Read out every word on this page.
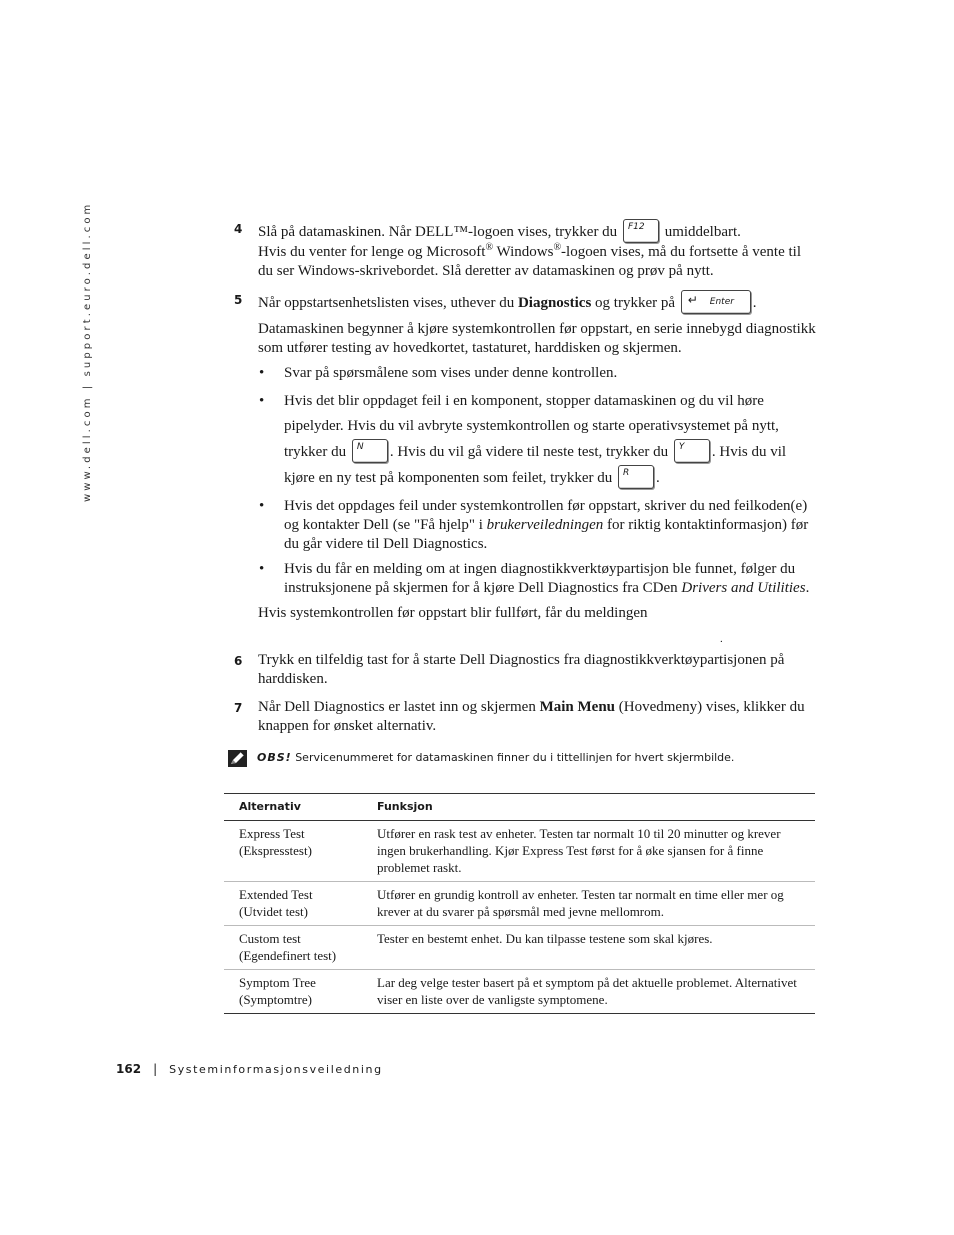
www.dell.com | support.euro.dell.com	4 Slå på datamaskinen. Når DELL™-logoen vises, trykker du F12 umiddelbart.
Hvis du venter for lenge og Microsoft® Windows®-logoen vises, må du fortsette å vente til du ser Windows-skrivebordet. Slå deretter av datamaskinen og prøv på nytt.
5 Når oppstartsenhetslisten vises, uthever du Diagnostics og trykker på ↵ Enter .
Datamaskinen begynner å kjøre systemkontrollen før oppstart, en serie innebygd diagnostikk som utfører testing av hovedkortet, tastaturet, harddisken og skjermen.
• Svar på spørsmålene som vises under denne kontrollen.
• Hvis det blir oppdaget feil i en komponent, stopper datamaskinen og du vil høre pipelyder. Hvis du vil avbryte systemkontrollen og starte operativsystemet på nytt, trykker du N . Hvis du vil gå videre til neste test, trykker du Y . Hvis du vil kjøre en ny test på komponenten som feilet, trykker du R .
• Hvis det oppdages feil under systemkontrollen før oppstart, skriver du ned feilkoden(e) og kontakter Dell (se "Få hjelp" i brukerveiledningen for riktig kontaktinformasjon) før du går videre til Dell Diagnostics.
• Hvis du får en melding om at ingen diagnostikkverktøypartisjon ble funnet, følger du instruksjonene på skjermen for å kjøre Dell Diagnostics fra CDen Drivers and Utilities.
Hvis systemkontrollen før oppstart blir fullført, får du meldingen
6 Trykk en tilfeldig tast for å starte Dell Diagnostics fra diagnostikkverktøypartisjonen på harddisken.
7 Når Dell Diagnostics er lastet inn og skjermen Main Menu (Hovedmeny) vises, klikker du knappen for ønsket alternativ.
.
OBS! Servicenummeret for datamaskinen finner du i tittellinjen for hvert skjermbilde.
Alternativ	Funksjon
Express Test (Ekspresstest)	Utfører en rask test av enheter. Testen tar normalt 10 til 20 minutter og krever ingen brukerhandling. Kjør Express Test først for å øke sjansen for å finne problemet raskt.
Extended Test (Utvidet test)	Utfører en grundig kontroll av enheter. Testen tar normalt en time eller mer og krever at du svarer på spørsmål med jevne mellomrom.
Custom test (Egendefinert test)	Tester en bestemt enhet. Du kan tilpasse testene som skal kjøres.
Symptom Tree (Symptomtre)	Lar deg velge tester basert på et symptom på det aktuelle problemet. Alternativet viser en liste over de vanligste symptomene.
162 | Systeminformasjonsveiledning
